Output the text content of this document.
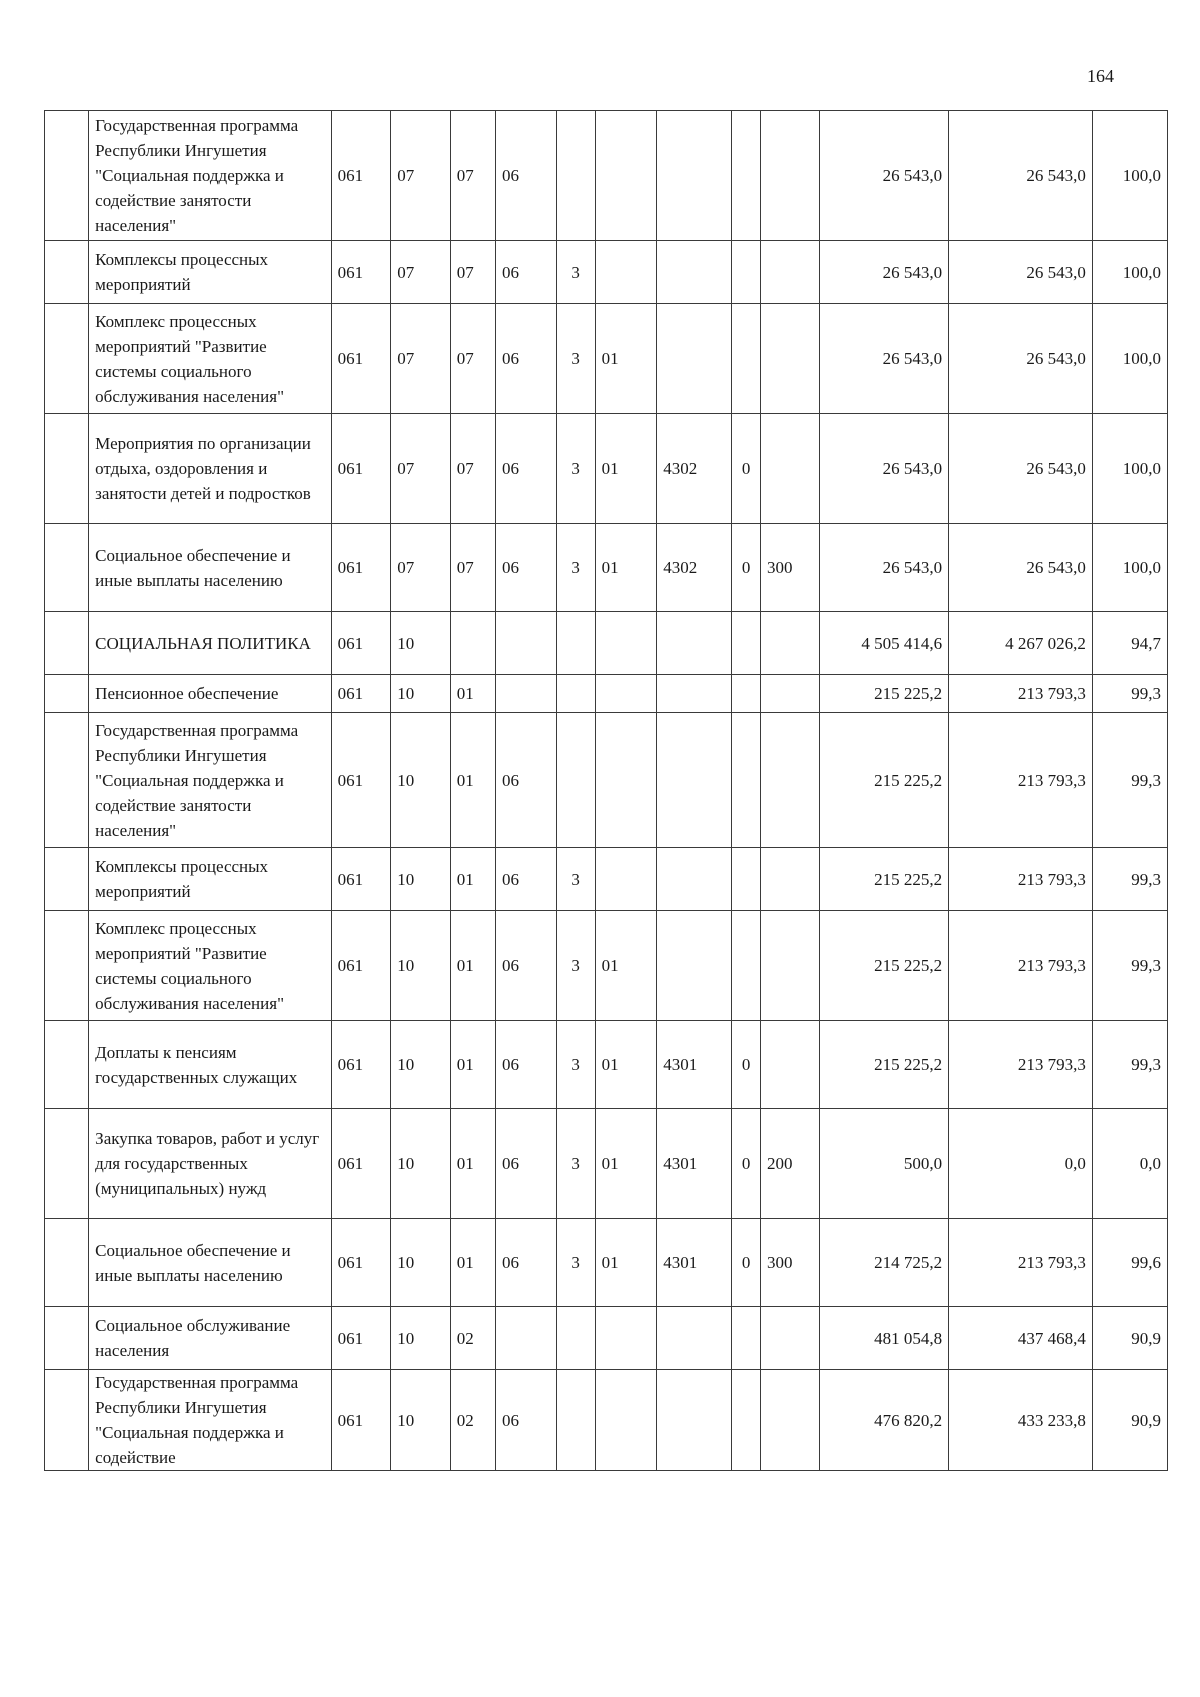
164
	Государственная программа Республики Ингушетия "Социальная поддержка и содействие занятости населения"	061	07	07	06						26 543,0	26 543,0	100,0
	Комплексы процессных мероприятий	061	07	07	06	3					26 543,0	26 543,0	100,0
	Комплекс процессных мероприятий "Развитие системы социального обслуживания населения"	061	07	07	06	3	01				26 543,0	26 543,0	100,0
	Мероприятия по организации отдыха, оздоровления и занятости детей и подростков	061	07	07	06	3	01	4302	0		26 543,0	26 543,0	100,0
	Социальное обеспечение и иные выплаты населению	061	07	07	06	3	01	4302	0	300	26 543,0	26 543,0	100,0
	СОЦИАЛЬНАЯ ПОЛИТИКА	061	10								4 505 414,6	4 267 026,2	94,7
	Пенсионное обеспечение	061	10	01							215 225,2	213 793,3	99,3
	Государственная программа Республики Ингушетия "Социальная поддержка и содействие занятости населения"	061	10	01	06						215 225,2	213 793,3	99,3
	Комплексы процессных мероприятий	061	10	01	06	3					215 225,2	213 793,3	99,3
	Комплекс процессных мероприятий "Развитие системы социального обслуживания населения"	061	10	01	06	3	01				215 225,2	213 793,3	99,3
	Доплаты к пенсиям государственных служащих	061	10	01	06	3	01	4301	0		215 225,2	213 793,3	99,3
	Закупка товаров, работ и услуг для государственных (муниципальных) нужд	061	10	01	06	3	01	4301	0	200	500,0	0,0	0,0
	Социальное обеспечение и иные выплаты населению	061	10	01	06	3	01	4301	0	300	214 725,2	213 793,3	99,6
	Социальное обслуживание населения	061	10	02							481 054,8	437 468,4	90,9
	Государственная программа Республики Ингушетия "Социальная поддержка и содействие	061	10	02	06						476 820,2	433 233,8	90,9
